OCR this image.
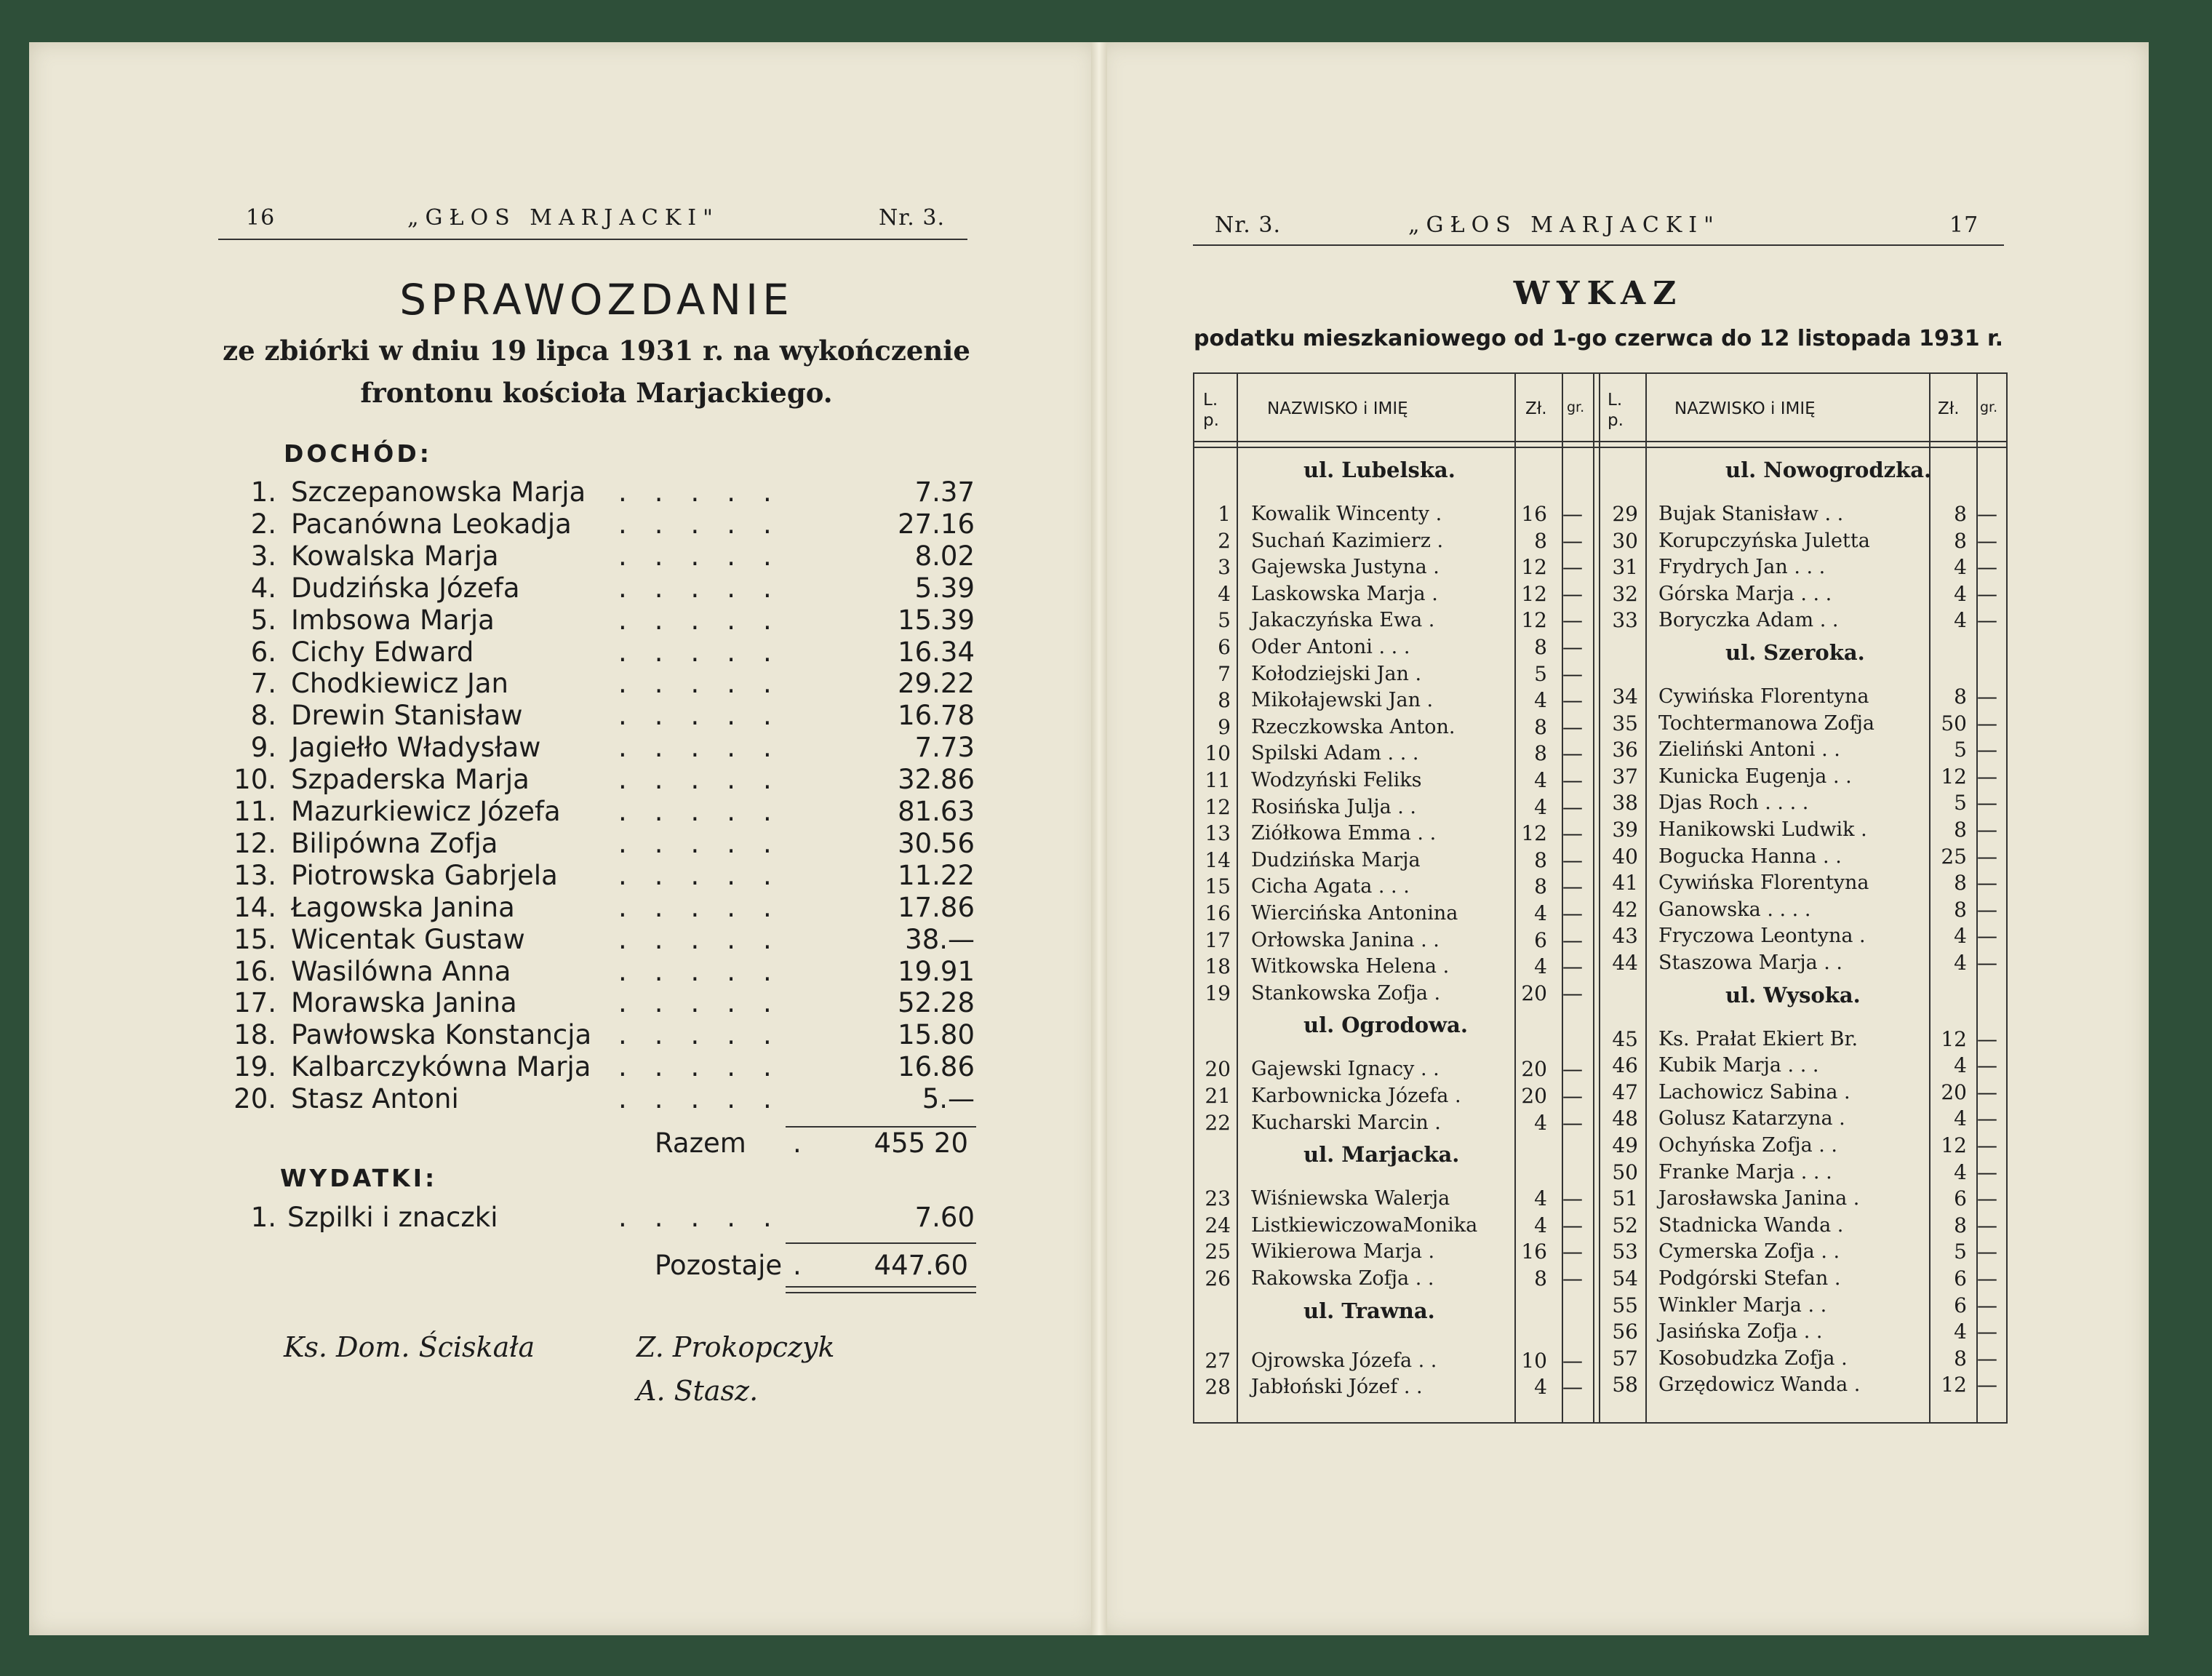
16	„GŁOS MARJACKI"	Nr. 3.
SPRAWOZDANIE
ze zbiórki w dniu 19 lipca 1931 r. na wykończenie
frontonu kościoła Marjackiego.
DOCHÓD:
1. Szczepanowska Marja .....	7.37
2. Pacanówna Leokadja .....	27.16
3. Kowalska Marja	.....	8.02
4. Dudzińska Józefa	.....	5.39
5. Imbsowa Marja	.....	15.39
6. Cichy Edward	.....	16.34
7. Chodkiewicz Jan	.....	29.22
8. Drewin Stanisław	.....	16.78
9. Jagiełło Władysław	.....	7.73
10. Szpaderska Marja	.....	32.86
11. Mazurkiewicz Józefa .....	81.63
12. Bilipówna Zofja	.....	30.56
13. Piotrowska Gabrjela .....	11.22
14. Łagowska Janina	.....	17.86
15. Wicentak Gustaw	.....	38.—
16. Wasilówna Anna	.....	19.91
17. Morawska Janina	.....	52.28
18. Pawłowska Konstancja .....	15.80
19. Kalbarczykówna Marja .....	16.86
20. Stasz Antoni	.....	5.—
Razem . 455 20
WYDATKI:
1. Szpilki i znaczki	.....	7.60
Pozostaje . 447.60
Ks. Dom. Ściskała	Z. Prokopczyk
A. Stasz.
Nr. 3.	„GŁOS MARJACKI"	17
WYKAZ
podatku mieszkaniowego od 1-go czerwca do 12 listopada 1931 r.
L. p.
NAZWISKO i IMIĘ	Zł. gr. L. p.
NAZWISKO i IMIĘ	Zł. gr.
ul. Lubelska.
1 Kowalik Wincenty .	16 —
2 Suchań Kazimierz .	8 —
3 Gajewska Justyna .	12 —
4 Laskowska Marja .	12 —
5 Jakaczyńska Ewa .	12 —
6 Oder Antoni . . .	8 —
7 Kołodziejski Jan .	5 —
8 Mikołajewski Jan .	4 —
9 Rzeczkowska Anton.	8 —
10 Spilski Adam . . .	8 —
11 Wodzyński Feliks	4 —
12 Rosińska Julja . .	4 —
13 Ziółkowa Emma . .	12 —
14 Dudzińska Marja	8 —
15 Cichа Agata . . .	8 —
16 Wiercińska Antonina	4 —
17 Orłowska Janina . .	6 —
18 Witkowska Helena .	4 —
19 Stankowska Zofja .	20 —
ul. Ogrodowa.
20 Gajewski Ignacy . .	20 —
21 Karbownicka Józefa .	20 —
22 Kucharski Marcin .	4 —
ul. Marjacka.
23 Wiśniewska Walerja	4 —
24 ListkiewiczowaMonika	4 —
25 Wikierowa Marja .	16 —
26 Rakowska Zofja . .	8 —
ul. Trawna.
27 Ojrowska Józefa . .	10 —
28 Jabłoński Józef . .	4 —
ul. Nowogrodzka.
29 Bujak Stanisław . .	8 —
30 Korupczyńska Juletta	8 —
31 Frydrych Jan . . .	4 —
32 Górska Marja . . .	4 —
33 Boryczka Adam . .	4 —
ul. Szeroka.
34 Cywińska Florentyna	8 —
35 Tochtermanowa Zofja	50 —
36 Zieliński Antoni . .	5 —
37 Kunicka Eugenja . .	12 —
38 Djas Roch . . . .	5 —
39 Hanikowski Ludwik .	8 —
40 Bogucka Hanna . .	25 —
41 Cywińska Florentyna	8 —
42 Ganowska . . . .	8 —
43 Fryczowa Leontyna .	4 —
44 Staszowa Marja . .	4 —
ul. Wysoka.
45 Ks. Prałat Ekiert Br.	12 —
46 Kubik Marja . . .	4 —
47 Lachowicz Sabina .	20 —
48 Golusz Katarzyna .	4 —
49 Ochyńska Zofja . .	12 —
50 Franke Marja . . .	4 —
51 Jarosławska Janina .	6 —
52 Stadnicka Wanda .	8 —
53 Cymerska Zofja . .	5 —
54 Podgórski Stefan .	6 —
55 Winkler Marja . .	6 —
56 Jasińska Zofja . .	4 —
57 Kosobudzka Zofja .	8 —
58 Grzędowicz Wanda .	12 —
